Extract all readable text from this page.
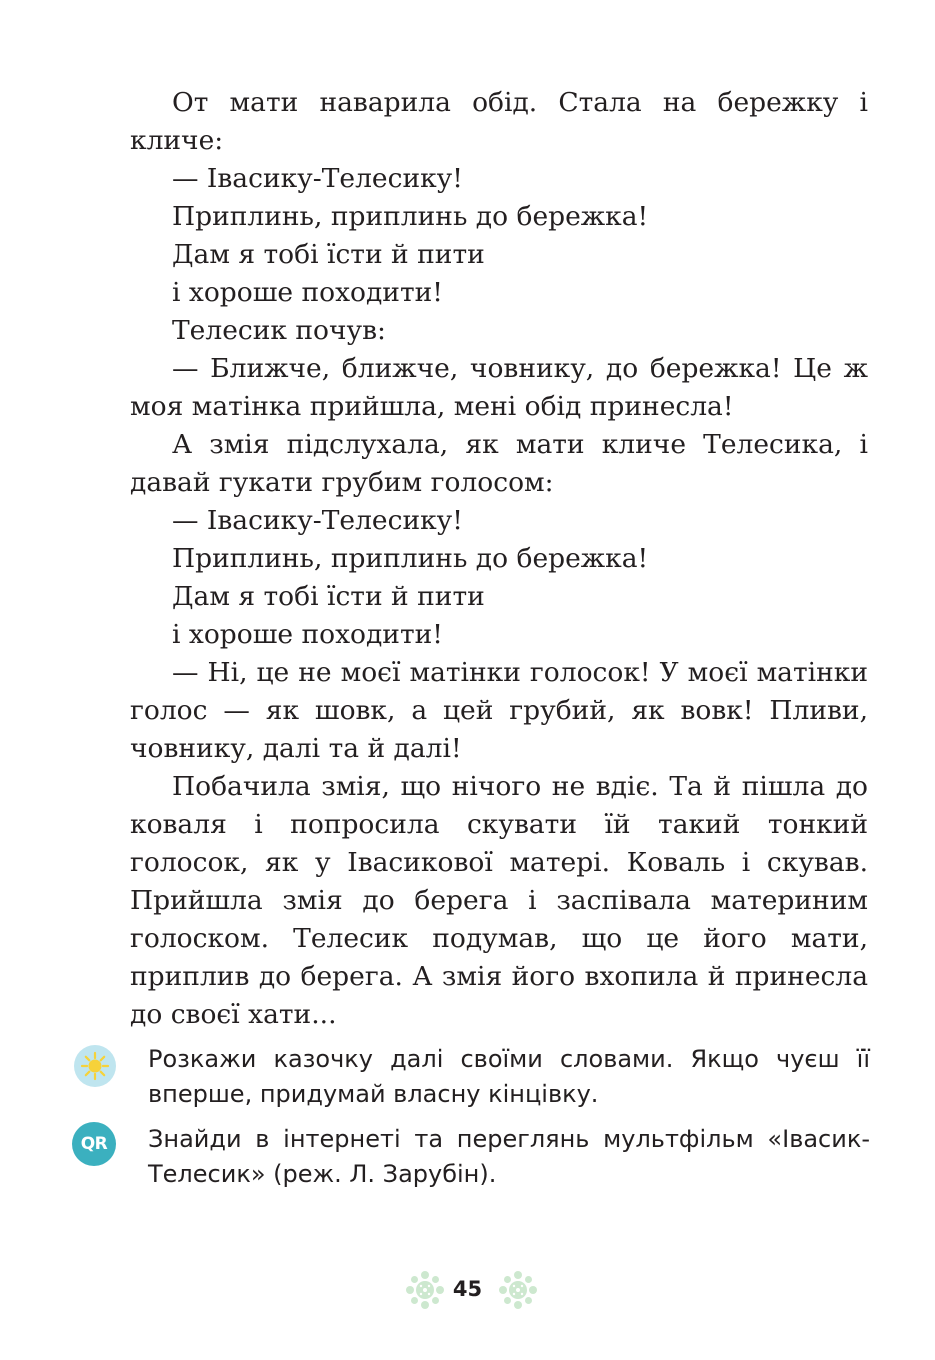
От мати наварила обід. Стала на бережку і кличе:

— Івасику-Телесику!

Приплинь, приплинь до бережка!

Дам я тобі їсти й пити

і хороше походити!

Телесик почув:

— Ближче, ближче, човнику, до бережка! Це ж моя матінка прийшла, мені обід принесла!

А змія підслухала, як мати кличе Телесика, і давай гукати грубим голосом:

— Івасику-Телесику!

Приплинь, приплинь до бережка!

Дам я тобі їсти й пити

і хороше походити!

— Ні, це не моєї матінки голосок! У моєї матінки голос — як шовк, а цей грубий, як вовк! Пливи, човнику, далі та й далі!

Побачила змія, що нічого не вдіє. Та й пішла до коваля і попросила скувати їй такий тонкий голосок, як у Івасикової матері. Коваль і скував. Прийшла змія до берега і заспівала материним голоском. Телесик подумав, що це його мати, приплив до берега. А змія його вхопила й принесла до своєї хати...

Розкажи казочку далі своїми словами. Якщо чуєш її вперше, придумай власну кінцівку.

QR Знайди в інтернеті та переглянь мультфільм «Івасик-Телесик» (реж. Л. Зарубін).

45
